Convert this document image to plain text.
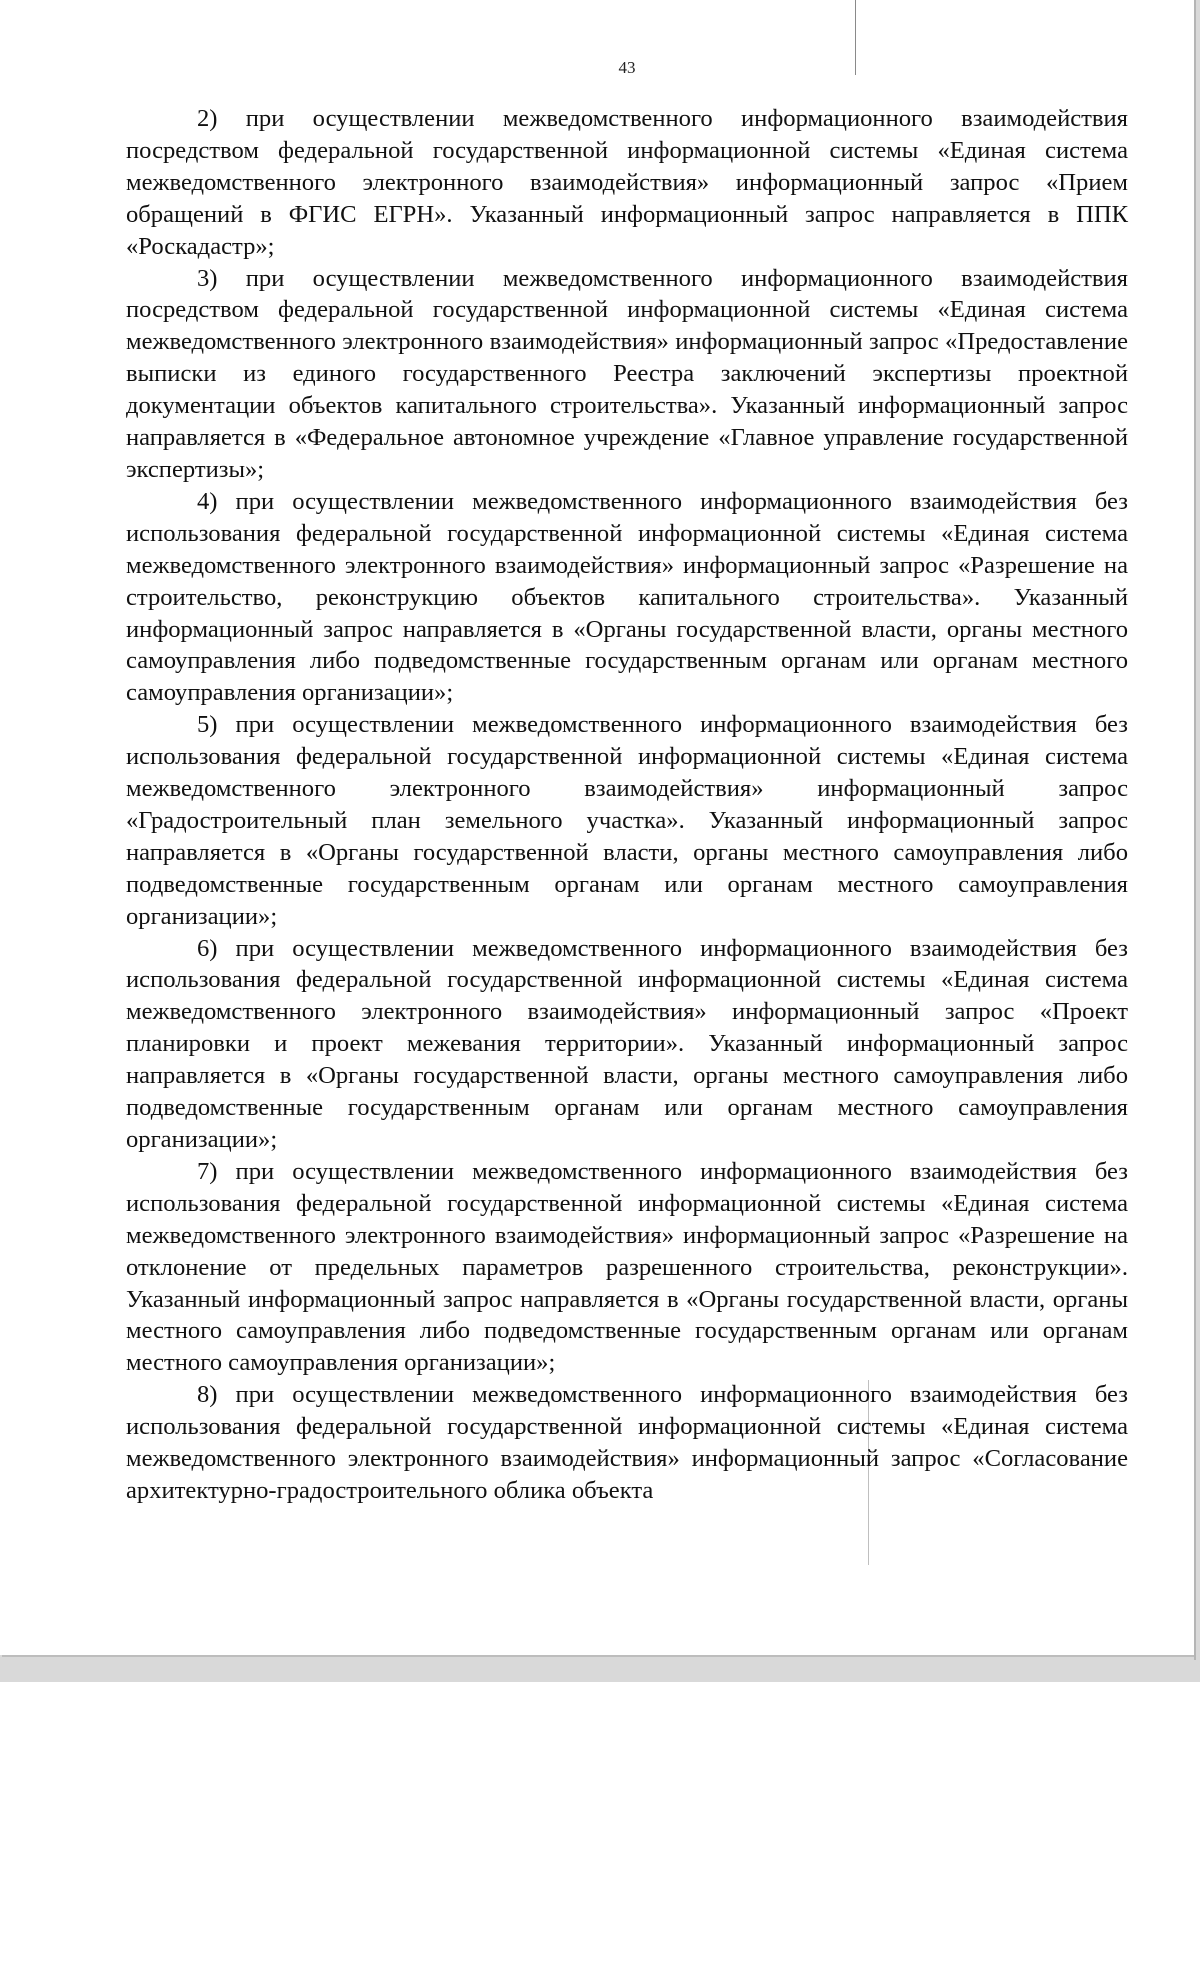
43

2) при осуществлении межведомственного информационного взаимодействия посредством федеральной государственной информационной системы «Единая система межведомственного электронного взаимодействия» информационный запрос «Прием обращений в ФГИС ЕГРН». Указанный информационный запрос направляется в ППК «Роскадастр»;

3) при осуществлении межведомственного информационного взаимодействия посредством федеральной государственной информационной системы «Единая система межведомственного электронного взаимодействия» информационный запрос «Предоставление выписки из единого государственного Реестра заключений экспертизы проектной документации объектов капитального строительства». Указанный информационный запрос направляется в «Федеральное автономное учреждение «Главное управление государственной экспертизы»;

4) при осуществлении межведомственного информационного взаимодействия без использования федеральной государственной информационной системы «Единая система межведомственного электронного взаимодействия» информационный запрос «Разрешение на строительство, реконструкцию объектов капитального строительства». Указанный информационный запрос направляется в «Органы государственной власти, органы местного самоуправления либо подведомственные государственным органам или органам местного самоуправления организации»;

5) при осуществлении межведомственного информационного взаимодействия без использования федеральной государственной информационной системы «Единая система межведомственного электронного взаимодействия» информационный запрос «Градостроительный план земельного участка». Указанный информационный запрос направляется в «Органы государственной власти, органы местного самоуправления либо подведомственные государственным органам или органам местного самоуправления организации»;

6) при осуществлении межведомственного информационного взаимодействия без использования федеральной государственной информационной системы «Единая система межведомственного электронного взаимодействия» информационный запрос «Проект планировки и проект межевания территории». Указанный информационный запрос направляется в «Органы государственной власти, органы местного самоуправления либо подведомственные государственным органам или органам местного самоуправления организации»;

7) при осуществлении межведомственного информационного взаимодействия без использования федеральной государственной информационной системы «Единая система межведомственного электронного взаимодействия» информационный запрос «Разрешение на отклонение от предельных параметров разрешенного строительства, реконструкции». Указанный информационный запрос направляется в «Органы государственной власти, органы местного самоуправления либо подведомственные государственным органам или органам местного самоуправления организации»;

8) при осуществлении межведомственного информационного взаимодействия без использования федеральной государственной информационной системы «Единая система межведомственного электронного взаимодействия» информационный запрос «Согласование архитектурно-градостроительного облика объекта
